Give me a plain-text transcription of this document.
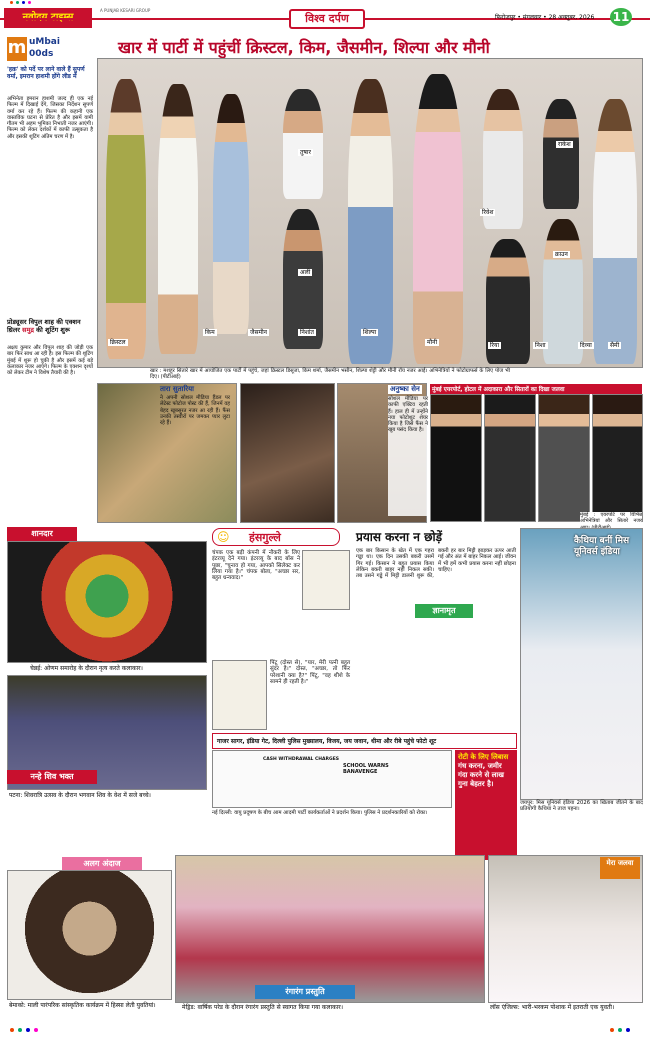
A PUNJAB KESARI GROUP
विश्व दर्पण	फिरोजपुर • मंगलवार • 28 अक्तूबर, 2026 11
m uMbai
00ds	खार में पार्टी में पहुंचीं क्रिस्टल, किम, जैसमीन, शिल्पा और मौनी
'हक़' को पर्दे पर लाने वाले हैं सुपर्ण वर्मा, इमरान हाशमी होंगे लीड में
अभिनेता इमरान हाशमी जल्द ही एक नई फिल्म में दिखाई देंगे, जिसका निर्देशन सुपर्ण वर्मा कर रहे हैं। फिल्म की कहानी एक वास्तविक घटना से प्रेरित है और इसमें यामी गौतम भी अहम भूमिका निभाती नजर आएंगी। फिल्म को लेकर दर्शकों में काफी उत्सुकता है और इसकी शूटिंग अंतिम चरण में है।
प्रोड्यूसर विपुल शाह की एक्शन थ्रिलर समुद्र की शूटिंग शुरू
अक्षय कुमार और विपुल शाह की जोड़ी एक बार फिर साथ आ रही है। इस फिल्म की शूटिंग मुंबई में शुरू हो चुकी है और इसमें कई बड़े कलाकार नजर आएंगे। फिल्म के एक्शन दृश्यों को लेकर टीम ने विशेष तैयारी की है।
क्रिस्टल
किम	जैसमीन
तुषार
अली
निशांत	शिल्पा
मौनी
रिवेश
रिया
राकेश
निशा	दिव्या
क्राउन
सैमी
खार : मशहूर सितारे खार में आयोजित एक पार्टी में पहुंचे, जहां क्रिस्टल डिसूजा, किम शर्मा, जैसमीन भसीन, शिल्पा शेट्टी और मौनी रॉय नजर आईं। अभिनेत्रियों ने फोटोग्राफर्स के लिए पोज भी दिए। (पीटीआई)
तारा सुतारिया
ने अपनी सोशल मीडिया हैंडल पर लेटेस्ट फोटोज पोस्ट की हैं, जिनमें वह बेहद खूबसूरत नजर आ रही हैं। फैंस उनकी तस्वीरों पर जमकर प्यार लुटा रहे हैं।
अनुष्का सेन
सोशल मीडिया पर काफी एक्टिव रहती हैं। हाल ही में उन्होंने नया फोटोशूट शेयर किया है जिसे फैंस ने खूब पसंद किया है।
मुंबई एयरपोर्ट, होटल में अदाकारा और सितारों का दिखा जलवा
मुंबई : एयरपोर्ट पर विभिन्न अभिनेत्रियां और सितारे नजर
शानदार
चेन्नई: ओणम समारोह के दौरान नृत्य करते कलाकार।
नन्हे शिव भक्त
पटना: शिवरात्रि उत्सव के दौरान भगवान शिव के वेश में सजे बच्चे।
☺ हंसगुल्ले
चंपक एक बड़ी कंपनी में नौकरी के लिए इंटरव्यू देने गया। इंटरव्यू के बाद बॉस ने पूछा, "चुनाव हो गया, आपको सिलेक्ट कर लिया गया है।" चंपक बोला, "अच्छा सर, बहुत धन्यवाद।"
पिंटू (दोस्त से), "यार, मेरी पत्नी बहुत सुंदर है।" दोस्त, "अच्छा, तो फिर परेशानी क्या है?" पिंटू, "वह शीशे के सामने ही रहती है।"
प्रयास करना न छोड़ें
एक बार किसान के खेत में एक गहरा गड्ढा था। एक दिन उसकी बकरी उसमें गिर गई। किसान ने बहुत प्रयास किया लेकिन बकरी बाहर नहीं निकल सकी। तब उसने गड्ढे में मिट्टी डालनी शुरू की, बकरी हर बार मिट्टी झाड़कर ऊपर आती गई और अंत में बाहर निकल आई। जीवन में भी हमें कभी प्रयास करना नहीं छोड़ना चाहिए।
ज्ञानामृत
कैथिया बनीं मिस यूनिवर्स इंडिया
जयपुर: मिस यूनिवर्स इंडिया 2026 का खिताब जीतने के बाद प्रतियोगी कैथिया ने ताज पहना।
गाजर सागर, इंडिया गेट, दिल्ली पुलिस मुख्यालय, विजय, जय जवान, धीमा और रीबे पहुंचे फोटो शूट
CASH WITHDRAWAL CHARGES
SCHOOL WARNS BANAVENGE
रोटी के लिए लिबास
गंध करना, जमीर
गंदा करने से लाख
गुना बेहतर है।
नई दिल्ली: वायु प्रदूषण के बीच आम आदमी पार्टी कार्यकर्ताओं ने प्रदर्शन किया। पुलिस ने प्रदर्शनकारियों को रोका।
अलग अंदाज
बेमाको: माली पारंपरिक सांस्कृतिक कार्यक्रम में हिस्सा लेती युवतियां।
रंगारंग प्रस्तुति
मेड्रिड: वार्षिक परेड के दौरान रंगारंग प्रस्तुति से स्वागत किया गया कलाकार।
मेरा जलवा
लॉस एंजिल्स: भारी-भरकम पोशाक में इतराती एक युवती।
